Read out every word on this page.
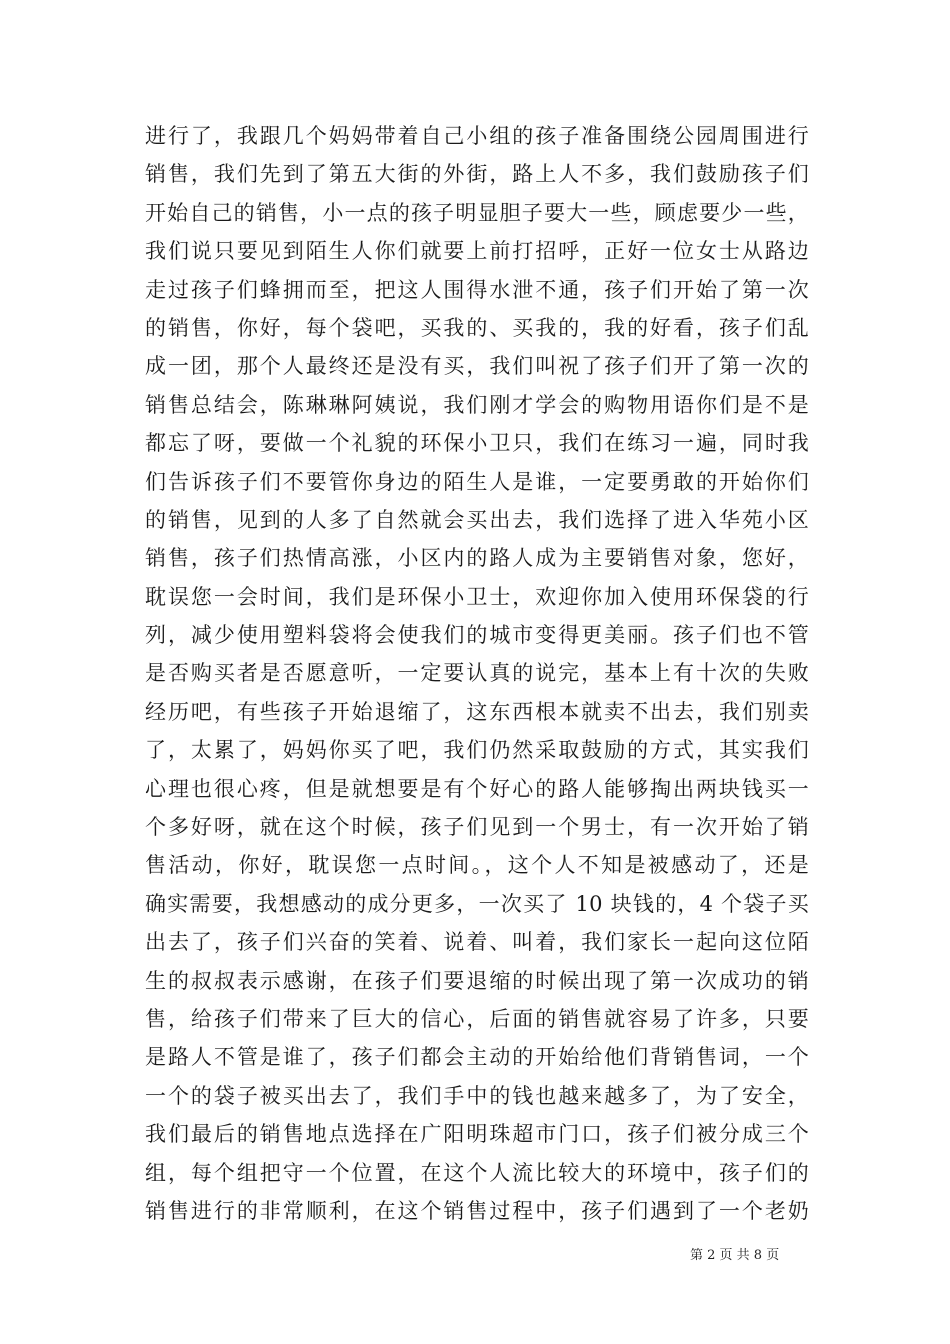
进行了，我跟几个妈妈带着自己小组的孩子准备围绕公园周围进行
销售，我们先到了第五大街的外街，路上人不多，我们鼓励孩子们
开始自己的销售，小一点的孩子明显胆子要大一些，顾虑要少一些，
我们说只要见到陌生人你们就要上前打招呼，正好一位女士从路边
走过孩子们蜂拥而至，把这人围得水泄不通，孩子们开始了第一次
的销售，你好，每个袋吧，买我的、买我的，我的好看，孩子们乱
成一团，那个人最终还是没有买，我们叫祝了孩子们开了第一次的
销售总结会，陈琳琳阿姨说，我们刚才学会的购物用语你们是不是
都忘了呀，要做一个礼貌的环保小卫只，我们在练习一遍，同时我
们告诉孩子们不要管你身边的陌生人是谁，一定要勇敢的开始你们
的销售，见到的人多了自然就会买出去，我们选择了进入华苑小区
销售，孩子们热情高涨，小区内的路人成为主要销售对象，您好，
耽误您一会时间，我们是环保小卫士，欢迎你加入使用环保袋的行
列，减少使用塑料袋将会使我们的城市变得更美丽。孩子们也不管
是否购买者是否愿意听，一定要认真的说完，基本上有十次的失败
经历吧，有些孩子开始退缩了，这东西根本就卖不出去，我们别卖
了，太累了，妈妈你买了吧，我们仍然采取鼓励的方式，其实我们
心理也很心疼，但是就想要是有个好心的路人能够掏出两块钱买一
个多好呀，就在这个时候，孩子们见到一个男士，有一次开始了销
售活动，你好，耽误您一点时间。，这个人不知是被感动了，还是
确实需要，我想感动的成分更多，一次买了 10 块钱的，4 个袋子买
出去了，孩子们兴奋的笑着、说着、叫着，我们家长一起向这位陌
生的叔叔表示感谢，在孩子们要退缩的时候出现了第一次成功的销
售，给孩子们带来了巨大的信心，后面的销售就容易了许多，只要
是路人不管是谁了，孩子们都会主动的开始给他们背销售词，一个
一个的袋子被买出去了，我们手中的钱也越来越多了，为了安全，
我们最后的销售地点选择在广阳明珠超市门口，孩子们被分成三个
组，每个组把守一个位置，在这个人流比较大的环境中，孩子们的
销售进行的非常顺利，在这个销售过程中，孩子们遇到了一个老奶
第 2 页 共 8 页
